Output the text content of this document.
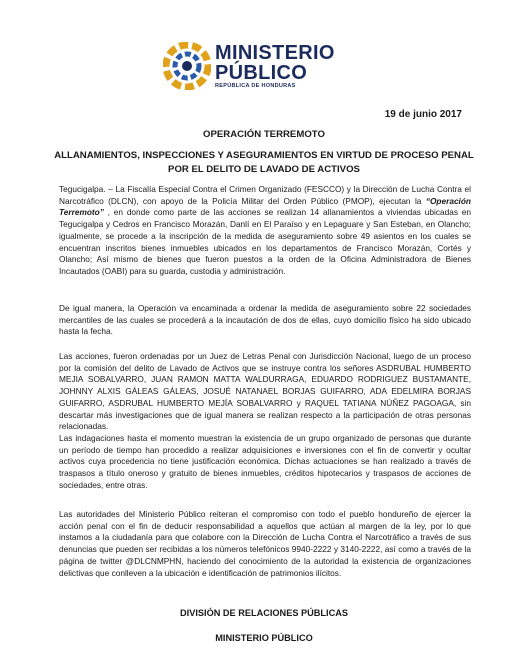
MINISTERIO
PÚBLICO
REPÚBLICA DE HONDURAS
19 de junio 2017
OPERACIÓN TERREMOTO
ALLANAMIENTOS, INSPECCIONES Y ASEGURAMIENTOS EN VIRTUD DE PROCESO PENAL
POR EL DELITO DE LAVADO DE ACTIVOS

Tegucigalpa. – La Fiscalía Especial Contra el Crimen Organizado (FESCCO) y la Dirección de Lucha Contra el Narcotráfico (DLCN), con apoyo de la Policía Militar del Orden Público (PMOP), ejecutan la “Operación Terremoto” , en donde como parte de las acciones se realizan 14 allanamientos a viviendas ubicadas en Tegucigalpa y Cedros en Francisco Morazán, Danlí en El Paraíso y en Lepaguare y San Esteban, en Olancho; igualmente, se procede a la inscripción de la medida de aseguramiento sobre 49 asientos en los cuales se encuentran inscritos bienes inmuebles ubicados en los departamentos de Francisco Morazán, Cortés y Olancho; Así mismo de bienes que fueron puestos a la orden de la Oficina Administradora de Bienes Incautados (OABI) para su guarda, custodia y administración.

De igual manera, la Operación va encaminada a ordenar la medida de aseguramiento sobre 22 sociedades mercantiles de las cuales se procederá a la incautación de dos de ellas, cuyo domicilio físico ha sido ubicado hasta la fecha.

Las acciones, fueron ordenadas por un Juez de Letras Penal con Jurisdicción Nacional, luego de un proceso por la comisión del delito de Lavado de Activos que se instruye contra los señores ASDRUBAL HUMBERTO MEJIA SOBALVARRO, JUAN RAMON MATTA WALDURRAGA, EDUARDO RODRIGUEZ BUSTAMANTE, JOHNNY ALXIS GÁLEAS GÁLEAS, JOSUÉ NATANAEL BORJAS GUIFARRO, ADA EDELMIRA BORJAS GUIFARRO, ASDRUBAL HUMBERTO MEJÍA SOBALVARRO y RAQUEL TATIANA NÚÑEZ PAGOAGA, sin descartar más investigaciones que de igual manera se realizan respecto a la participación de otras personas relacionadas.

Las indagaciones hasta el momento muestran la existencia de un grupo organizado de personas que durante un período de tiempo han procedido a realizar adquisiciones e inversiones con el fin de convertir y ocultar activos cuya procedencia no tiene justificación económica. Dichas actuaciones se han realizado a través de traspasos a título oneroso y gratuito de bienes inmuebles, créditos hipotecarios y traspasos de acciones de sociedades, entre otras.

Las autoridades del Ministerio Público reiteran el compromiso con todo el pueblo hondureño de ejercer la acción penal con el fin de deducir responsabilidad a aquellos que actúan al margen de la ley, por lo que instamos a la ciudadanía para que colabore con la Dirección de Lucha Contra el Narcotráfico a través de sus denuncias que pueden ser recibidas a los números telefónicos 9940-2222 y 3140-2222, así como a través de la página de twitter @DLCNMPHN, haciendo del conocimiento de la autoridad la existencia de organizaciones delictivas que conlleven a la ubicación e identificación de patrimonios ilícitos.

DIVISIÓN DE RELACIONES PÚBLICAS
MINISTERIO PÚBLICO
